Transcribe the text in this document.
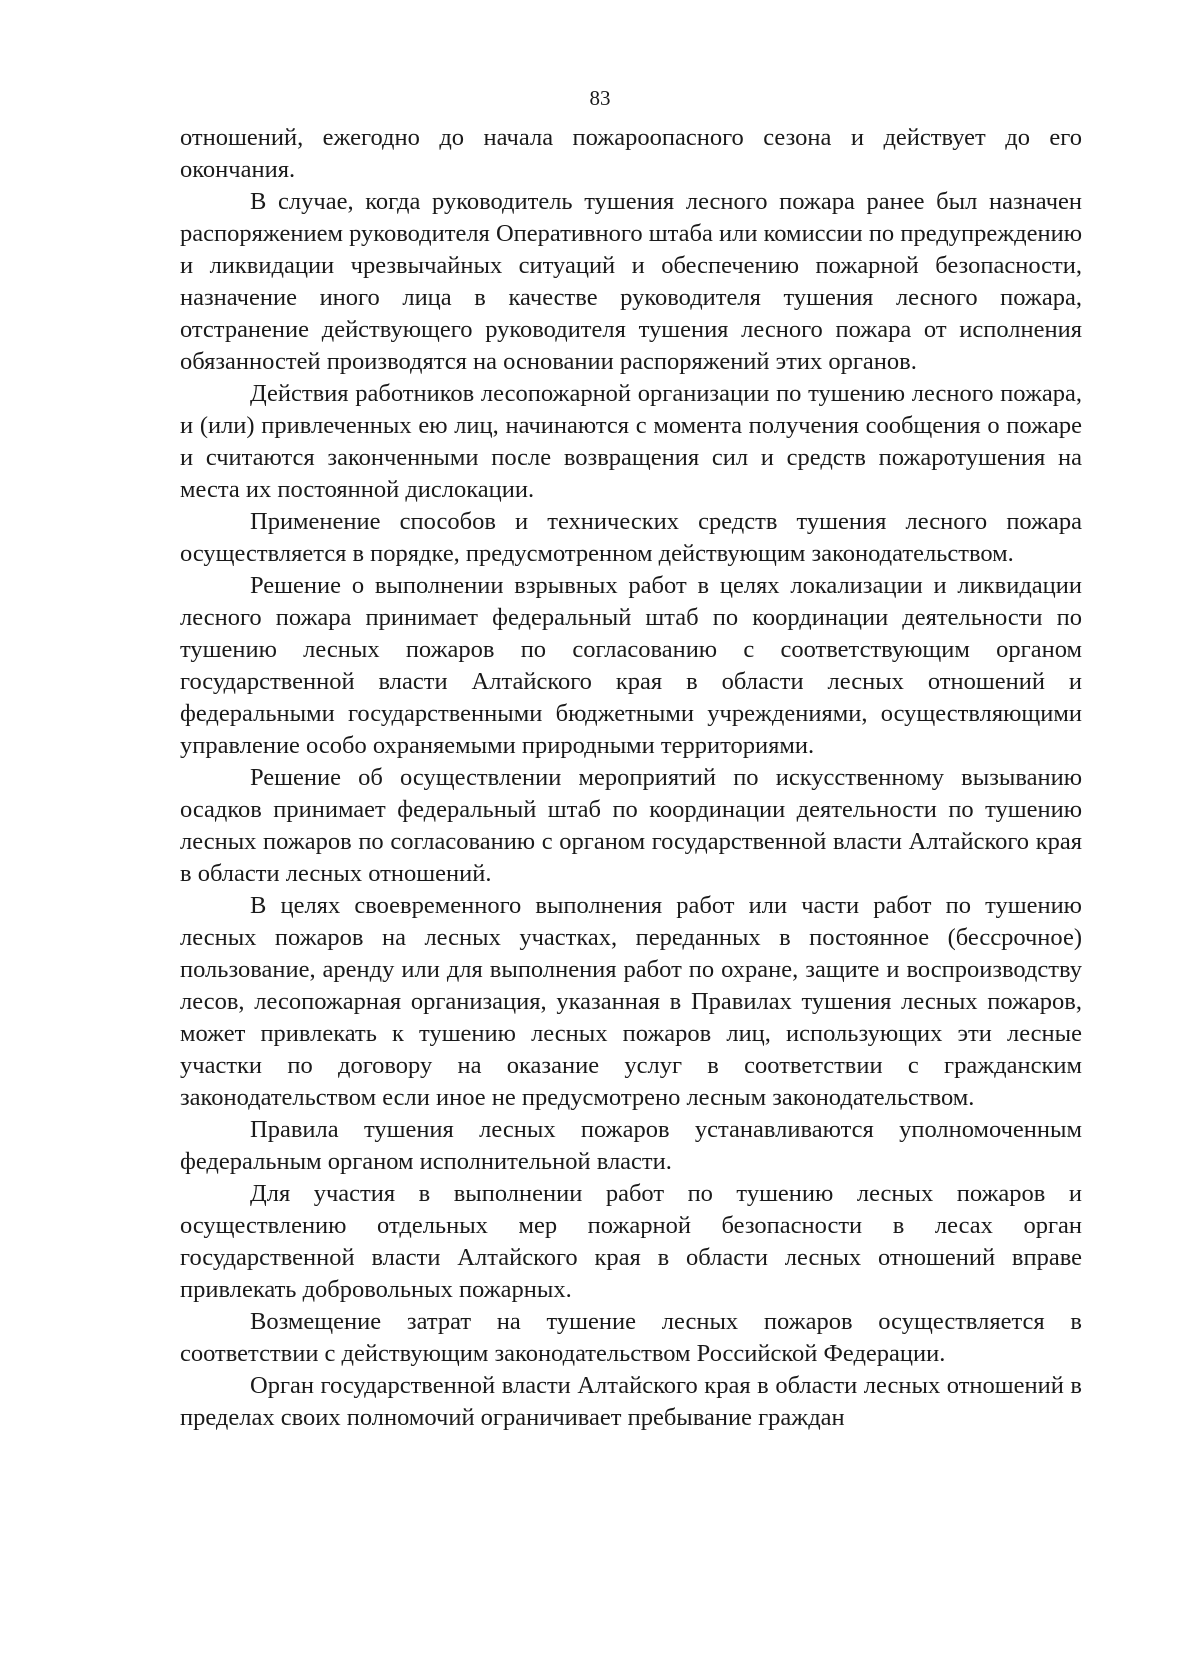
83

отношений, ежегодно до начала пожароопасного сезона и действует до его окончания.

В случае, когда руководитель тушения лесного пожара ранее был назначен распоряжением руководителя Оперативного штаба или комиссии по предупреждению и ликвидации чрезвычайных ситуаций и обеспечению пожарной безопасности, назначение иного лица в качестве руководителя тушения лесного пожара, отстранение действующего руководителя тушения лесного пожара от исполнения обязанностей производятся на основании распоряжений этих органов.

Действия работников лесопожарной организации по тушению лесного пожара, и (или) привлеченных ею лиц, начинаются с момента получения сообщения о пожаре и считаются законченными после возвращения сил и средств пожаротушения на места их постоянной дислокации.

Применение способов и технических средств тушения лесного пожара осуществляется в порядке, предусмотренном действующим законодательством.

Решение о выполнении взрывных работ в целях локализации и ликвидации лесного пожара принимает федеральный штаб по координации деятельности по тушению лесных пожаров по согласованию с соответствующим органом государственной власти Алтайского края в области лесных отношений и федеральными государственными бюджетными учреждениями, осуществляющими управление особо охраняемыми природными территориями.

Решение об осуществлении мероприятий по искусственному вызыванию осадков принимает федеральный штаб по координации деятельности по тушению лесных пожаров по согласованию с органом государственной власти Алтайского края в области лесных отношений.

В целях своевременного выполнения работ или части работ по тушению лесных пожаров на лесных участках, переданных в постоянное (бессрочное) пользование, аренду или для выполнения работ по охране, защите и воспроизводству лесов, лесопожарная организация, указанная в Правилах тушения лесных пожаров, может привлекать к тушению лесных пожаров лиц, использующих эти лесные участки по договору на оказание услуг в соответствии с гражданским законодательством если иное не предусмотрено лесным законодательством.

Правила тушения лесных пожаров устанавливаются уполномоченным федеральным органом исполнительной власти.

Для участия в выполнении работ по тушению лесных пожаров и осуществлению отдельных мер пожарной безопасности в лесах орган государственной власти Алтайского края в области лесных отношений вправе привлекать добровольных пожарных.

Возмещение затрат на тушение лесных пожаров осуществляется в соответствии с действующим законодательством Российской Федерации.

Орган государственной власти Алтайского края в области лесных отношений в пределах своих полномочий ограничивает пребывание граждан
